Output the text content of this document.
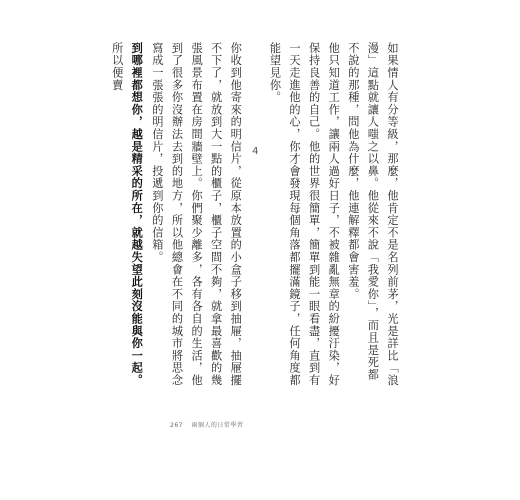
如果情人有分等級，那麼，他肯定不是名列前茅，光是詳比「浪漫」這點就讓人嗤之以鼻。他從來不說「我愛你」，而且是死都不說的那種，問他為什麼，他連解釋都會害羞。

他只知道工作，讓兩人過好日子，不被雜亂無章的紛擾汙染，好保持良善的自己。他的世界很簡單，簡單到能一眼看盡，直到有一天走進他的心，你才會發現每個角落都擺滿鏡子，任何角度都能望見你。

4

你收到他寄來的明信片，從原本放置的小盒子移到抽屜，抽屜擺不下了，就放到大一點的櫃子，櫃子空間不夠，就拿最喜歡的幾張風景布置在房間牆壁上。你們聚少離多，各有各自的生活，他到了很多你沒辦法去到的地方，所以他總會在不同的城市將思念寫成一張張的明信片，投遞到你的信箱。

到哪裡都想你，越是精采的所在，就越失望此刻沒能與你一起。所以便賣

267 兩個人的日常學習
